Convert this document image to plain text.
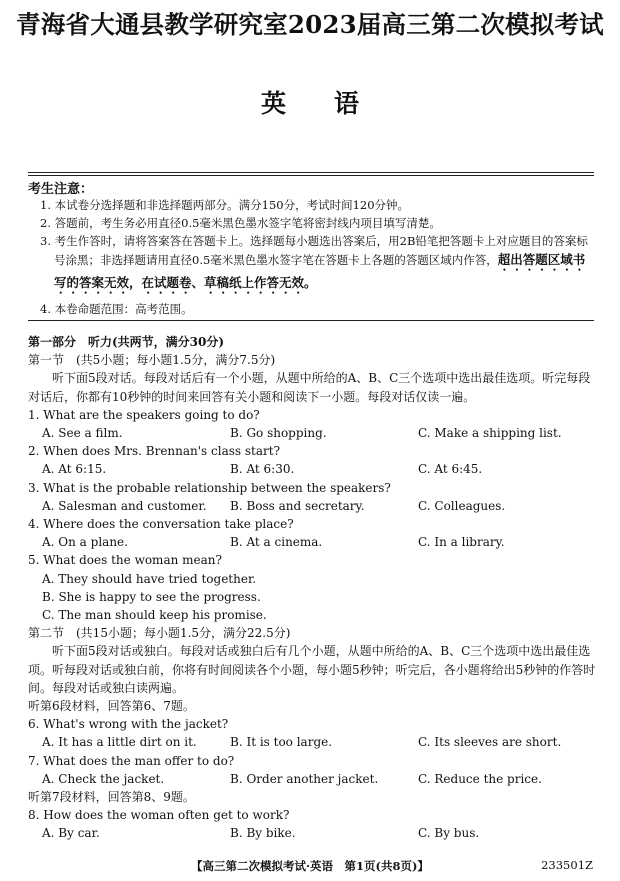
青海省大通县教学研究室2023届高三第二次模拟考试
英语
考生注意：
1. 本试卷分选择题和非选择题两部分。满分150分，考试时间120分钟。
2. 答题前，考生务必用直径0.5毫米黑色墨水签字笔将密封线内项目填写清楚。
3. 考生作答时，请将答案答在答题卡上。选择题每小题选出答案后，用2B铅笔把答题卡上对应题目的答案标号涂黑；非选择题请用直径0.5毫米黑色墨水签字笔在答题卡上各题的答题区域内作答，超出答题区域书写的答案无效，在试题卷、草稿纸上作答无效。
4. 本卷命题范围：高考范围。
第一部分　听力(共两节，满分30分)
第一节　(共5小题；每小题1.5分，满分7.5分)
听下面5段对话。每段对话后有一个小题，从题中所给的A、B、C三个选项中选出最佳选项。听完每段对话后，你都有10秒钟的时间来回答有关小题和阅读下一小题。每段对话仅读一遍。
1. What are the speakers going to do?
A. See a film.	B. Go shopping.	C. Make a shipping list.
2. When does Mrs. Brennan's class start?
A. At 6:15.	B. At 6:30.	C. At 6:45.
3. What is the probable relationship between the speakers?
A. Salesman and customer.	B. Boss and secretary.	C. Colleagues.
4. Where does the conversation take place?
A. On a plane.	B. At a cinema.	C. In a library.
5. What does the woman mean?
A. They should have tried together.
B. She is happy to see the progress.
C. The man should keep his promise.
第二节　(共15小题；每小题1.5分，满分22.5分)
听下面5段对话或独白。每段对话或独白后有几个小题，从题中所给的A、B、C三个选项中选出最佳选项。听每段对话或独白前，你将有时间阅读各个小题，每小题5秒钟；听完后，各小题将给出5秒钟的作答时间。每段对话或独白读两遍。
听第6段材料，回答第6、7题。
6. What's wrong with the jacket?
A. It has a little dirt on it.	B. It is too large.	C. Its sleeves are short.
7. What does the man offer to do?
A. Check the jacket.	B. Order another jacket.	C. Reduce the price.
听第7段材料，回答第8、9题。
8. How does the woman often get to work?
A. By car.	B. By bike.	C. By bus.
【高三第二次模拟考试·英语　第1页(共8页)】	233501Z
